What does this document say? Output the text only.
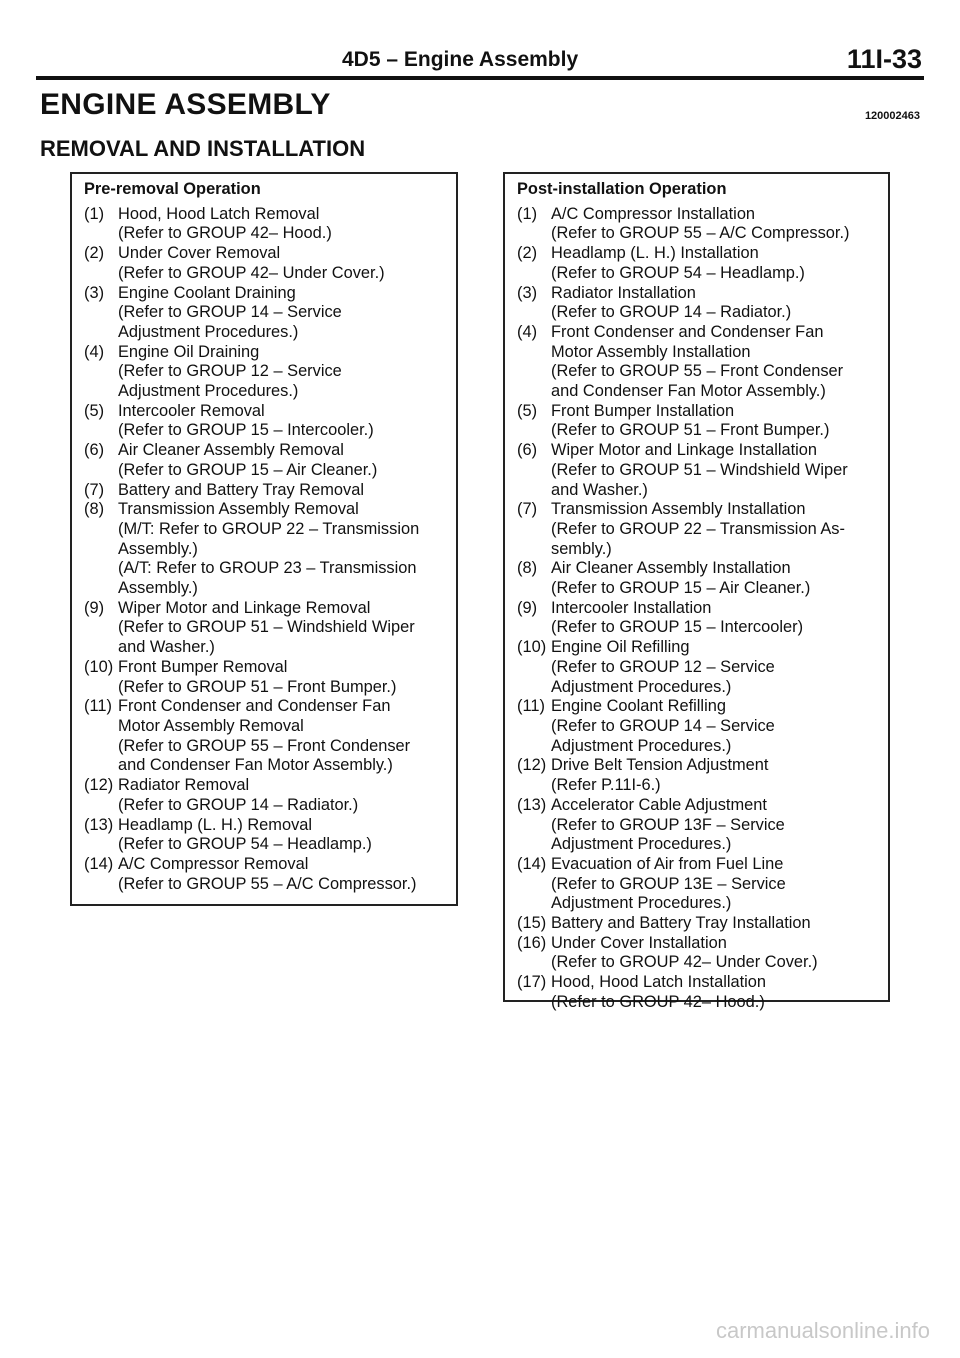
4D5 – Engine Assembly	11I-33
ENGINE ASSEMBLY	120002463
REMOVAL AND INSTALLATION
Pre-removal Operation
(1) Hood, Hood Latch Removal
(Refer to GROUP 42– Hood.)
(2) Under Cover Removal
(Refer to GROUP 42– Under Cover.)
(3) Engine Coolant Draining
(Refer to GROUP 14 – Service
Adjustment Procedures.)
(4) Engine Oil Draining
(Refer to GROUP 12 – Service
Adjustment Procedures.)
(5) Intercooler Removal
(Refer to GROUP 15 – Intercooler.)
(6) Air Cleaner Assembly Removal
(Refer to GROUP 15 – Air Cleaner.)
(7) Battery and Battery Tray Removal
(8) Transmission Assembly Removal
(M/T: Refer to GROUP 22 – Transmission
Assembly.)
(A/T: Refer to GROUP 23 – Transmission
Assembly.)
(9) Wiper Motor and Linkage Removal
(Refer to GROUP 51 – Windshield Wiper
and Washer.)
(10) Front Bumper Removal
(Refer to GROUP 51 – Front Bumper.)
(11) Front Condenser and Condenser Fan
Motor Assembly Removal
(Refer to GROUP 55 – Front Condenser
and Condenser Fan Motor Assembly.)
(12) Radiator Removal
(Refer to GROUP 14 – Radiator.)
(13) Headlamp (L. H.) Removal
(Refer to GROUP 54 – Headlamp.)
(14) A/C Compressor Removal
(Refer to GROUP 55 – A/C Compressor.)
Post-installation Operation
(1) A/C Compressor Installation
(Refer to GROUP 55 – A/C Compressor.)
(2) Headlamp (L. H.) Installation
(Refer to GROUP 54 – Headlamp.)
(3) Radiator Installation
(Refer to GROUP 14 – Radiator.)
(4) Front Condenser and Condenser Fan
Motor Assembly Installation
(Refer to GROUP 55 – Front Condenser
and Condenser Fan Motor Assembly.)
(5) Front Bumper Installation
(Refer to GROUP 51 – Front Bumper.)
(6) Wiper Motor and Linkage Installation
(Refer to GROUP 51 – Windshield Wiper
and Washer.)
(7) Transmission Assembly Installation
(Refer to GROUP 22 – Transmission As-
sembly.)
(8) Air Cleaner Assembly Installation
(Refer to GROUP 15 – Air Cleaner.)
(9) Intercooler Installation
(Refer to GROUP 15 – Intercooler)
(10) Engine Oil Refilling
(Refer to GROUP 12 – Service
Adjustment Procedures.)
(11) Engine Coolant Refilling
(Refer to GROUP 14 – Service
Adjustment Procedures.)
(12) Drive Belt Tension Adjustment
(Refer P.11I-6.)
(13) Accelerator Cable Adjustment
(Refer to GROUP 13F – Service
Adjustment Procedures.)
(14) Evacuation of Air from Fuel Line
(Refer to GROUP 13E – Service
Adjustment Procedures.)
(15) Battery and Battery Tray Installation
(16) Under Cover Installation
(Refer to GROUP 42– Under Cover.)
(17) Hood, Hood Latch Installation
(Refer to GROUP 42– Hood.)
carmanualsonline.info
